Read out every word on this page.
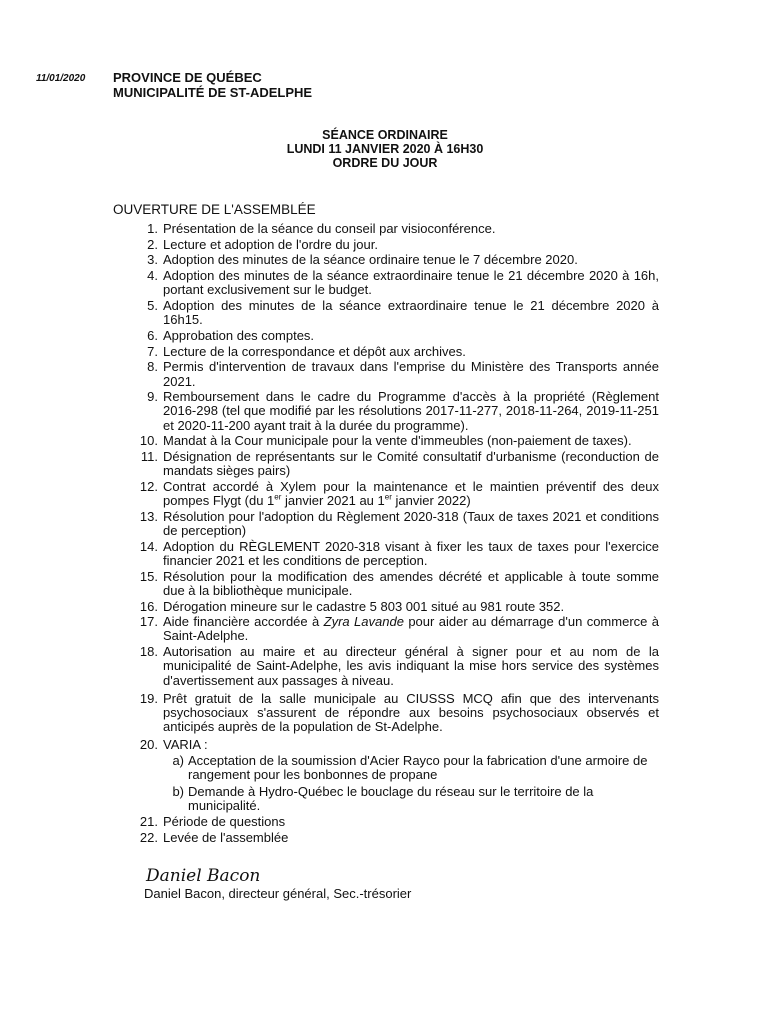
11/01/2020 PROVINCE DE QUÉBEC
MUNICIPALITÉ DE ST-ADELPHE
SÉANCE ORDINAIRE
LUNDI 11 JANVIER 2020 À 16H30
ORDRE DU JOUR
OUVERTURE DE L'ASSEMBLÉE
1. Présentation de la séance du conseil par visioconférence.
2. Lecture et adoption de l'ordre du jour.
3. Adoption des minutes de la séance ordinaire tenue le 7 décembre 2020.
4. Adoption des minutes de la séance extraordinaire tenue le 21 décembre 2020 à 16h, portant exclusivement sur le budget.
5. Adoption des minutes de la séance extraordinaire tenue le 21 décembre 2020 à 16h15.
6. Approbation des comptes.
7. Lecture de la correspondance et dépôt aux archives.
8. Permis d'intervention de travaux dans l'emprise du Ministère des Transports année 2021.
9. Remboursement dans le cadre du Programme d'accès à la propriété (Règlement 2016-298 (tel que modifié par les résolutions 2017-11-277, 2018-11-264, 2019-11-251 et 2020-11-200 ayant trait à la durée du programme).
10. Mandat à la Cour municipale pour la vente d'immeubles (non-paiement de taxes).
11. Désignation de représentants sur le Comité consultatif d'urbanisme (reconduction de mandats sièges pairs)
12. Contrat accordé à Xylem pour la maintenance et le maintien préventif des deux pompes Flygt (du 1er janvier 2021 au 1er janvier 2022)
13. Résolution pour l'adoption du Règlement 2020-318 (Taux de taxes 2021 et conditions de perception)
14. Adoption du RÈGLEMENT 2020-318 visant à fixer les taux de taxes pour l'exercice financier 2021 et les conditions de perception.
15. Résolution pour la modification des amendes décrété et applicable à toute somme due à la bibliothèque municipale.
16. Dérogation mineure sur le cadastre 5 803 001 situé au 981 route 352.
17. Aide financière accordée à Zyra Lavande pour aider au démarrage d'un commerce à Saint-Adelphe.
18. Autorisation au maire et au directeur général à signer pour et au nom de la municipalité de Saint-Adelphe, les avis indiquant la mise hors service des systèmes d'avertissement aux passages à niveau.
19. Prêt gratuit de la salle municipale au CIUSSS MCQ afin que des intervenants psychosociaux s'assurent de répondre aux besoins psychosociaux observés et anticipés auprès de la population de St-Adelphe.
20. VARIA :
a) Acceptation de la soumission d'Acier Rayco pour la fabrication d'une armoire de rangement pour les bonbonnes de propane
b) Demande à Hydro-Québec le bouclage du réseau sur le territoire de la municipalité.
21. Période de questions
22. Levée de l'assemblée
Daniel Bacon
Daniel Bacon, directeur général, Sec.-trésorier
